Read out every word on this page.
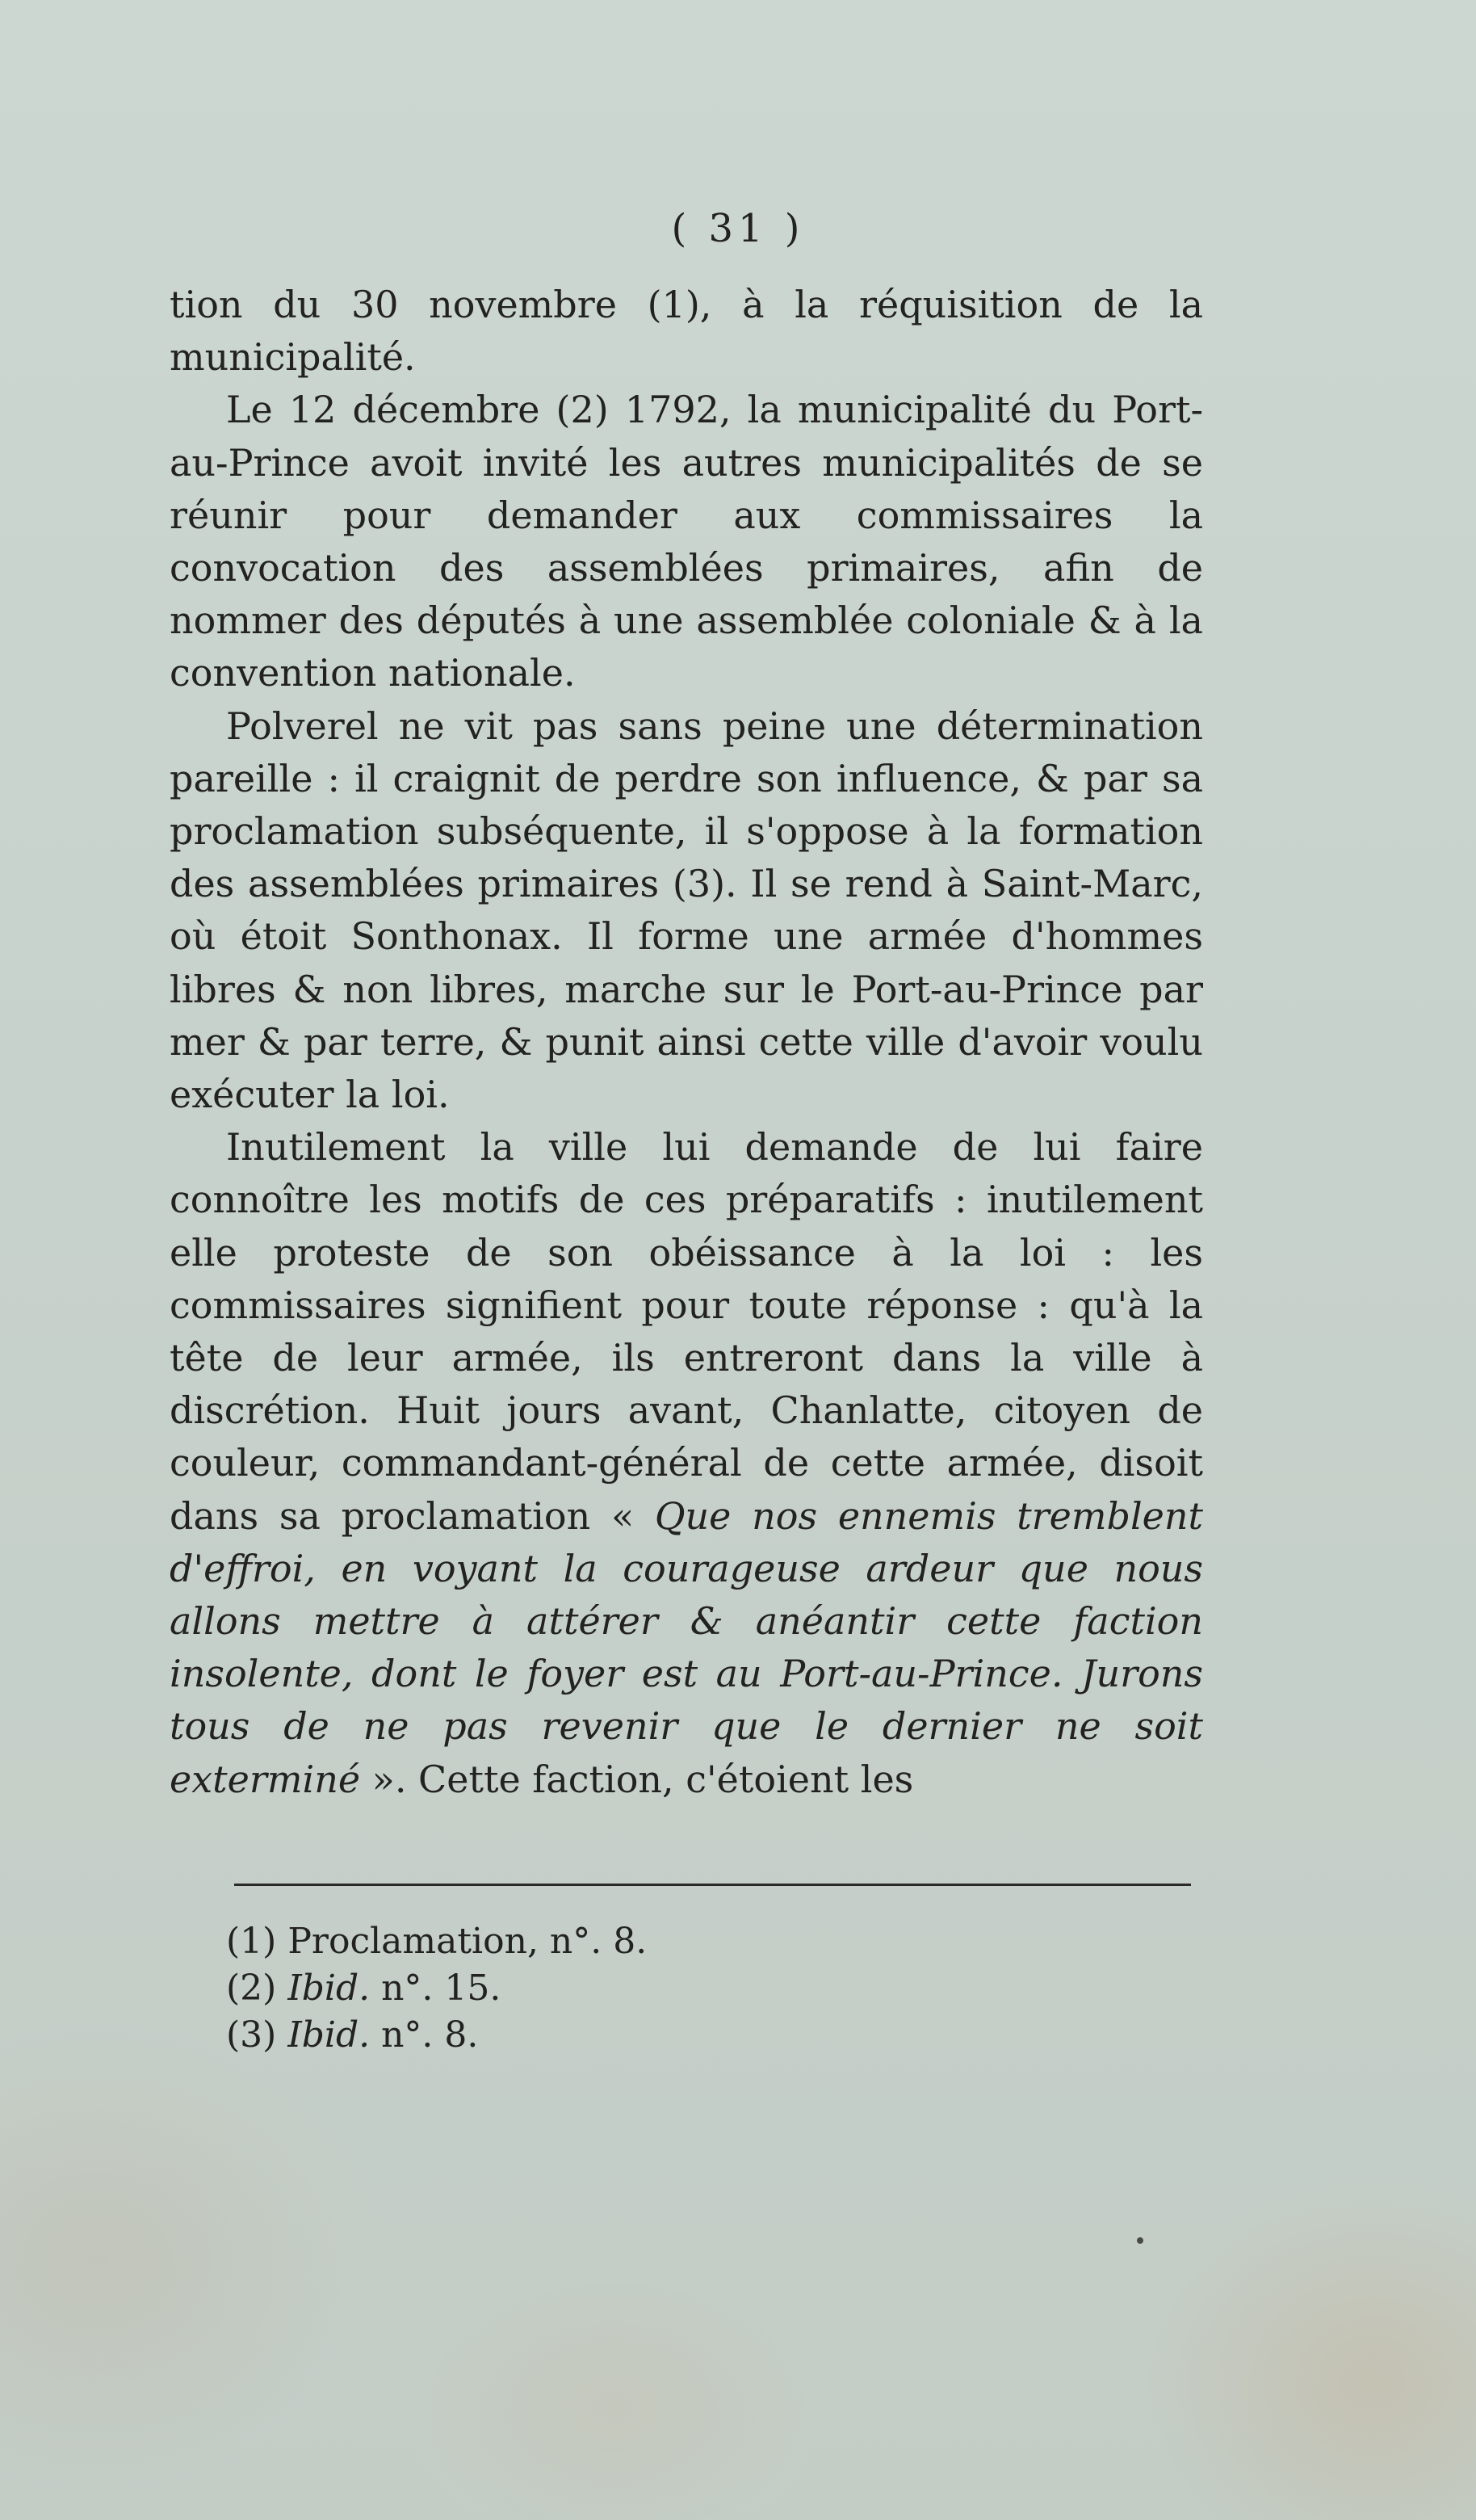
( 31 )

tion du 30 novembre (1), à la réquisition de la municipalité.

Le 12 décembre (2) 1792, la municipalité du Port-au-Prince avoit invité les autres municipalités de se réunir pour demander aux commissaires la convocation des assemblées primaires, afin de nommer des députés à une assemblée coloniale & à la convention nationale.

Polverel ne vit pas sans peine une détermination pareille : il craignit de perdre son influence, & par sa proclamation subséquente, il s'oppose à la formation des assemblées primaires (3). Il se rend à Saint-Marc, où étoit Sonthonax. Il forme une armée d'hommes libres & non libres, marche sur le Port-au-Prince par mer & par terre, & punit ainsi cette ville d'avoir voulu exécuter la loi.

Inutilement la ville lui demande de lui faire connoître les motifs de ces préparatifs : inutilement elle proteste de son obéissance à la loi : les commissaires signifient pour toute réponse : qu'à la tête de leur armée, ils entreront dans la ville à discrétion. Huit jours avant, Chanlatte, citoyen de couleur, commandant-général de cette armée, disoit dans sa proclamation « Que nos ennemis tremblent d'effroi, en voyant la courageuse ardeur que nous allons mettre à attérer & anéantir cette faction insolente, dont le foyer est au Port-au-Prince. Jurons tous de ne pas revenir que le dernier ne soit exterminé ». Cette faction, c'étoient les

(1) Proclamation, n°. 8.
(2) Ibid. n°. 15.
(3) Ibid. n°. 8.
